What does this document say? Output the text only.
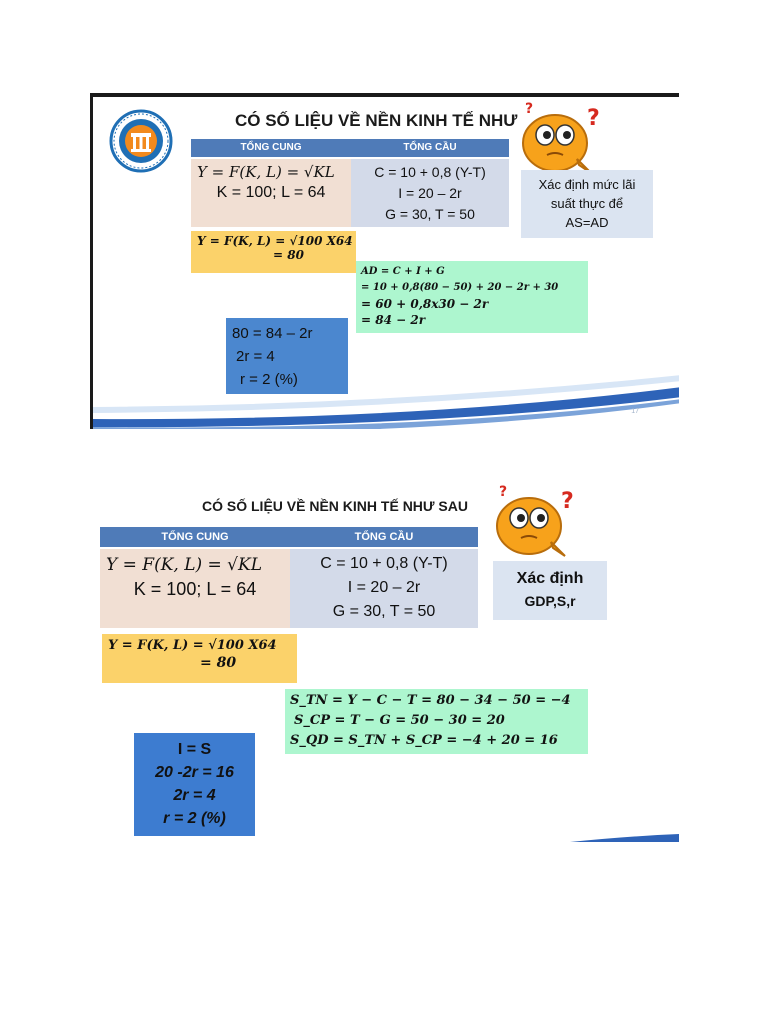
CÓ SỐ LIỆU VỀ NỀN KINH TẾ NHƯ	?
?
TỔNG CUNG	TỔNG CẦU
Y = F(K, L) = √KL
K = 100; L = 64
C = 10 + 0,8 (Y-T)
I = 20 – 2r
G = 30, T = 50
Xác định mức lãi
suất thực để
AS=AD
Y = F(K, L) = √100 X64
= 80
AD = C + I + G
= 10 + 0,8(80 − 50) + 20 − 2r + 30
= 60 + 0,8x30 − 2r
= 84 − 2r
80 = 84 – 2r
2r = 4
r = 2 (%)
17
CÓ SỐ LIỆU VỀ NỀN KINH TẾ NHƯ SAU	?
?
TỔNG CUNG	TỔNG CẦU
Y = F(K, L) = √KL
K = 100; L = 64
C = 10 + 0,8 (Y-T)
I = 20 – 2r
G = 30, T = 50
Xác định
GDP,S,r
Y = F(K, L) = √100 X64
= 80
S_TN = Y − C − T = 80 − 34 − 50 = −4
S_CP = T − G = 50 − 30 = 20
S_QD = S_TN + S_CP = −4 + 20 = 16
I = S
20 -2r = 16
2r = 4
r = 2 (%)
